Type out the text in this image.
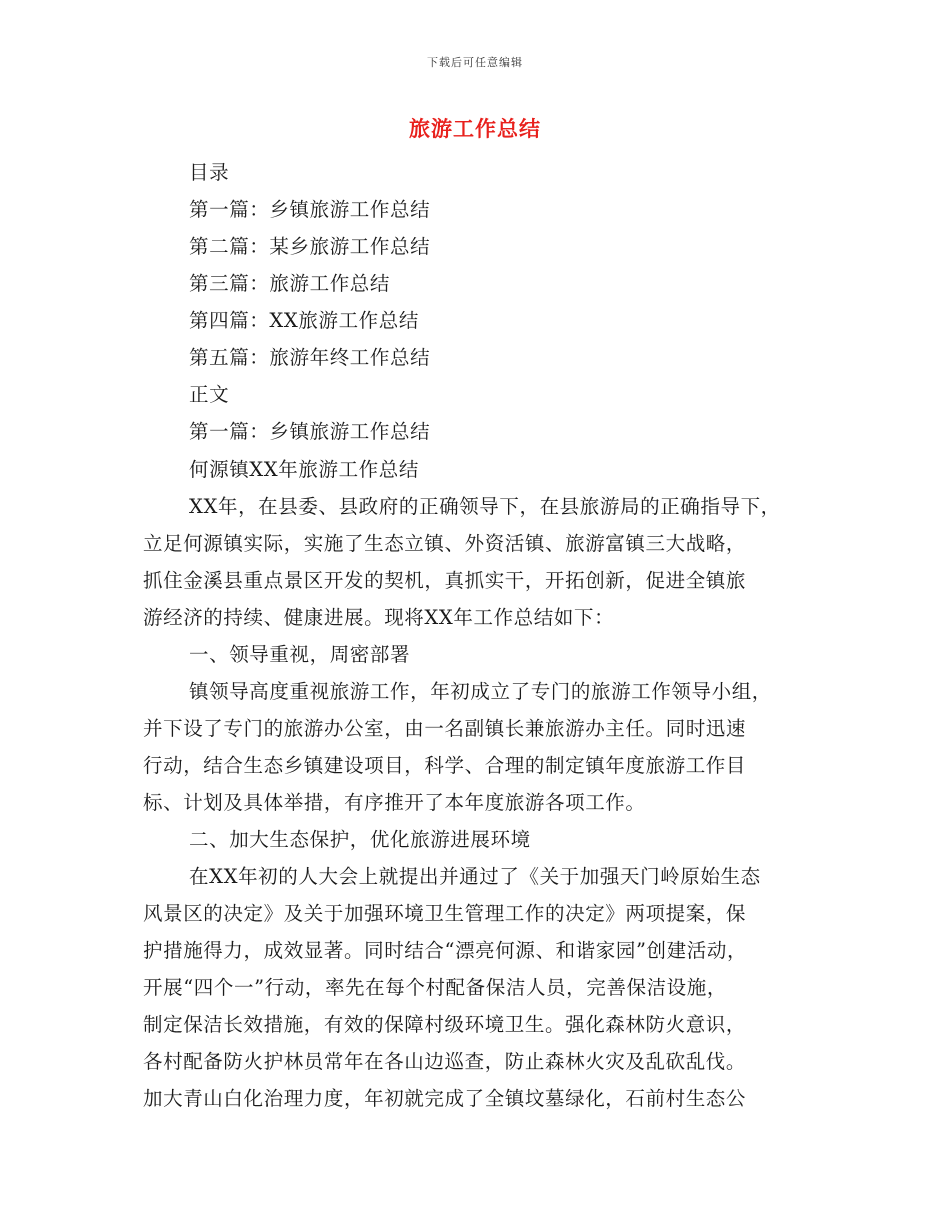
下载后可任意编辑
旅游工作总结
目录
第一篇：乡镇旅游工作总结
第二篇：某乡旅游工作总结
第三篇：旅游工作总结
第四篇：XX旅游工作总结
第五篇：旅游年终工作总结
正文
第一篇：乡镇旅游工作总结
何源镇XX年旅游工作总结
XX年，在县委、县政府的正确领导下，在县旅游局的正确指导下，
立足何源镇实际，实施了生态立镇、外资活镇、旅游富镇三大战略，
抓住金溪县重点景区开发的契机，真抓实干，开拓创新，促进全镇旅
游经济的持续、健康进展。现将XX年工作总结如下：
一、领导重视，周密部署
镇领导高度重视旅游工作，年初成立了专门的旅游工作领导小组，
并下设了专门的旅游办公室，由一名副镇长兼旅游办主任。同时迅速
行动，结合生态乡镇建设项目，科学、合理的制定镇年度旅游工作目
标、计划及具体举措，有序推开了本年度旅游各项工作。
二、加大生态保护，优化旅游进展环境
在XX年初的人大会上就提出并通过了《关于加强天门岭原始生态
风景区的决定》及关于加强环境卫生管理工作的决定》两项提案，保
护措施得力，成效显著。同时结合“漂亮何源、和谐家园”创建活动，
开展“四个一”行动，率先在每个村配备保洁人员，完善保洁设施，
制定保洁长效措施，有效的保障村级环境卫生。强化森林防火意识，
各村配备防火护林员常年在各山边巡查，防止森林火灾及乱砍乱伐。
加大青山白化治理力度，年初就完成了全镇坟墓绿化，石前村生态公
